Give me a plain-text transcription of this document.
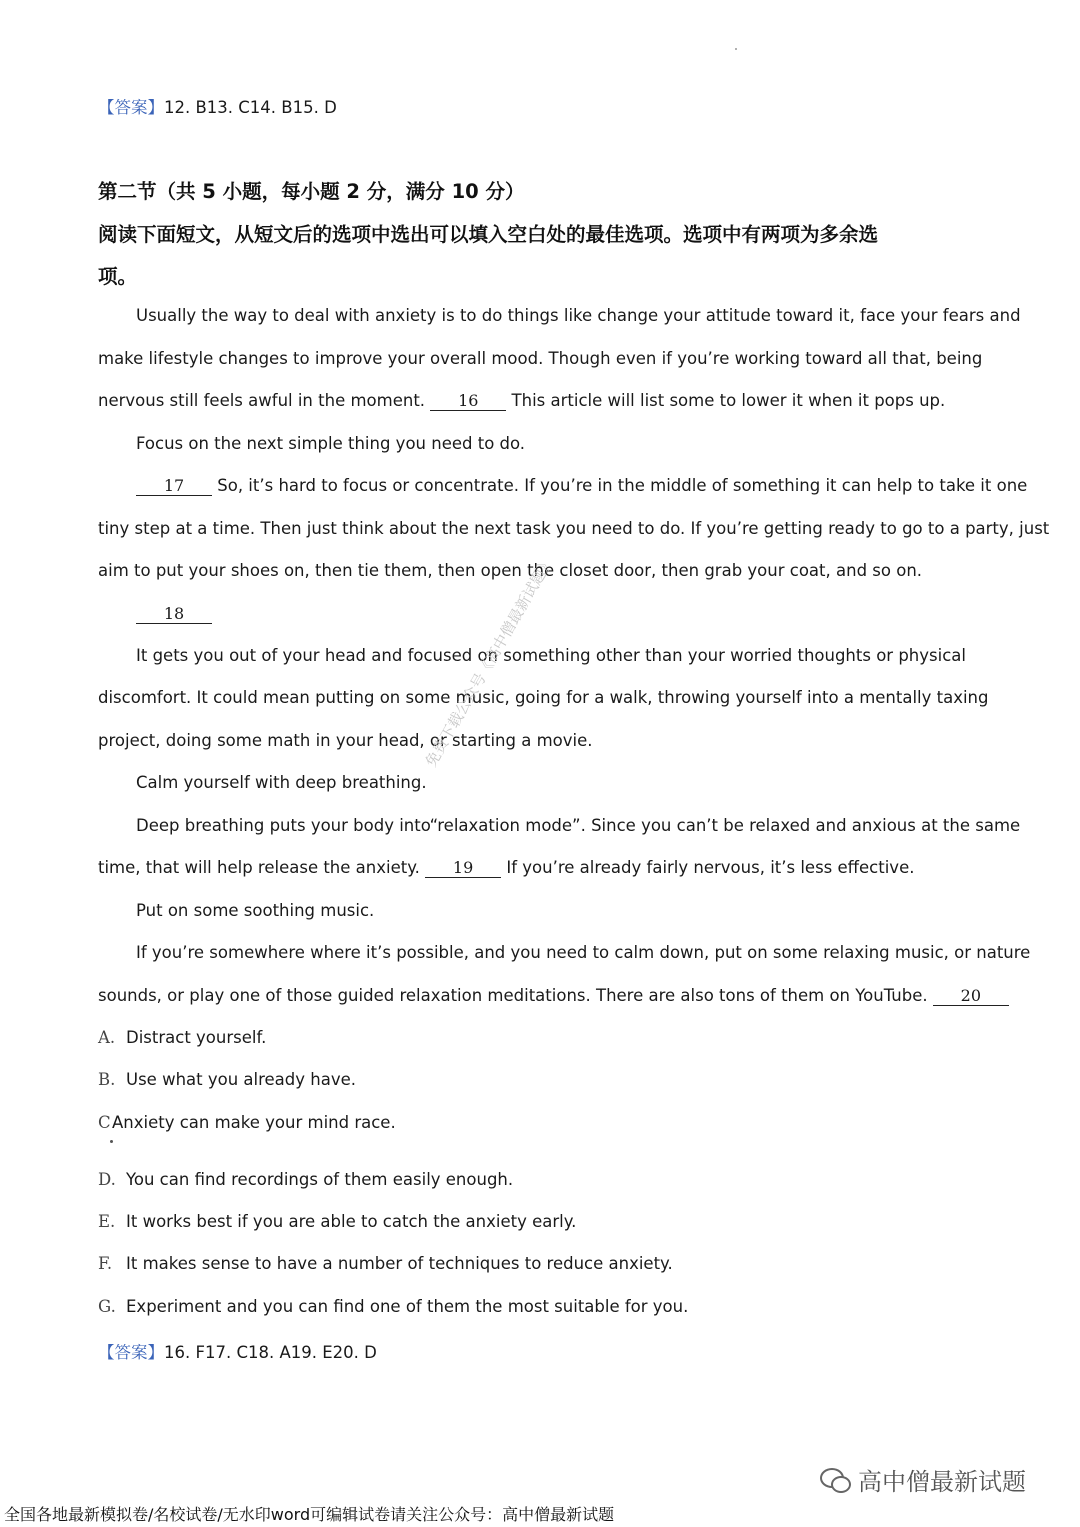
【答案】12. B13. C14. B15. D
第二节（共 5 小题，每小题 2 分，满分 10 分）
阅读下面短文，从短文后的选项中选出可以填入空白处的最佳选项。选项中有两项为多余选
项。
Usually the way to deal with anxiety is to do things like change your attitude toward it, face your fears and
make lifestyle changes to improve your overall mood. Though even if you’re working toward all that, being
nervous still feels awful in the moment. 16 This article will list some to lower it when it pops up.
Focus on the next simple thing you need to do.
17 So, it’s hard to focus or concentrate. If you’re in the middle of something it can help to take it one
tiny step at a time. Then just think about the next task you need to do. If you’re getting ready to go to a party, just
aim to put your shoes on, then tie them, then open the closet door, then grab your coat, and so on.
18
It gets you out of your head and focused on something other than your worried thoughts or physical
discomfort. It could mean putting on some music, going for a walk, throwing yourself into a mentally taxing
project, doing some math in your head, or starting a movie.
Calm yourself with deep breathing.
Deep breathing puts your body into“relaxation mode”. Since you can’t be relaxed and anxious at the same
time, that will help release the anxiety. 19 If you’re already fairly nervous, it’s less effective.
Put on some soothing music.
If you’re somewhere where it’s possible, and you need to calm down, put on some relaxing music, or nature
sounds, or play one of those guided relaxation meditations. There are also tons of them on YouTube. 20
A. Distract yourself.
B. Use what you already have.
CAnxiety can make your mind race.
D. You can find recordings of them easily enough.
E. It works best if you are able to catch the anxiety early.
F. It makes sense to have a number of techniques to reduce anxiety.
G. Experiment and you can find one of them the most suitable for you.
【答案】16. F17. C18. A19. E20. D
免费下载公众号《高中僧最新试题》
高中僧最新试题
全国各地最新模拟卷/名校试卷/无水印word可编辑试卷请关注公众号：高中僧最新试题
